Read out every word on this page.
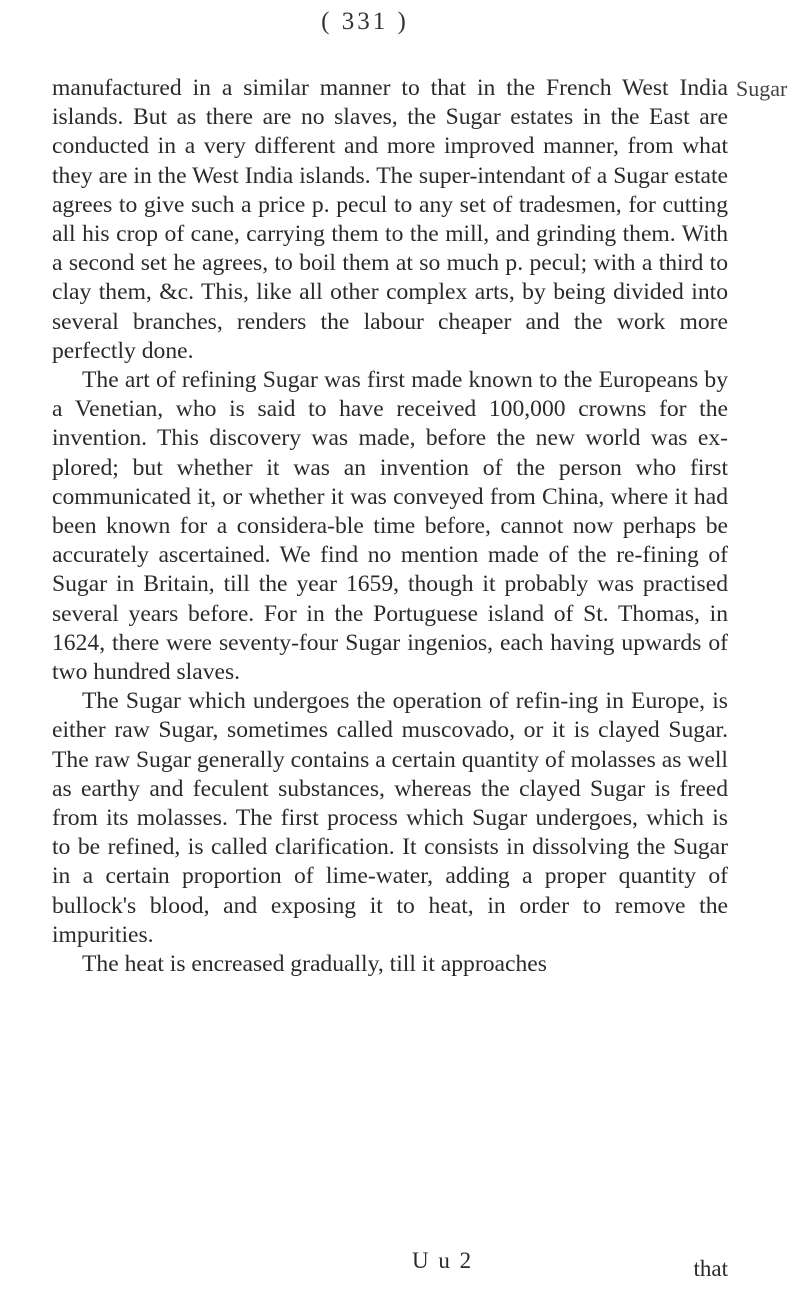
( 331 )
Sugar

manufactured in a similar manner to that in the French West India islands. But as there are no slaves, the Sugar estates in the East are conducted in a very different and more improved manner, from what they are in the West India islands. The super-intendant of a Sugar estate agrees to give such a price p. pecul to any set of tradesmen, for cutting all his crop of cane, carrying them to the mill, and grinding them. With a second set he agrees, to boil them at so much p. pecul; with a third to clay them, &c. This, like all other complex arts, by being divided into several branches, renders the labour cheaper and the work more perfectly done.

The art of refining Sugar was first made known to the Europeans by a Venetian, who is said to have received 100,000 crowns for the invention. This discovery was made, before the new world was ex-plored; but whether it was an invention of the person who first communicated it, or whether it was conveyed from China, where it had been known for a considera-ble time before, cannot now perhaps be accurately ascertained. We find no mention made of the re-fining of Sugar in Britain, till the year 1659, though it probably was practised several years before. For in the Portuguese island of St. Thomas, in 1624, there were seventy-four Sugar ingenios, each having upwards of two hundred slaves.

The Sugar which undergoes the operation of refin-ing in Europe, is either raw Sugar, sometimes called muscovado, or it is clayed Sugar. The raw Sugar generally contains a certain quantity of molasses as well as earthy and feculent substances, whereas the clayed Sugar is freed from its molasses. The first process which Sugar undergoes, which is to be refined, is called clarification. It consists in dissolving the Sugar in a certain proportion of lime-water, adding a proper quantity of bullock's blood, and exposing it to heat, in order to remove the impurities.

The heat is encreased gradually, till it approaches

U u 2	that
